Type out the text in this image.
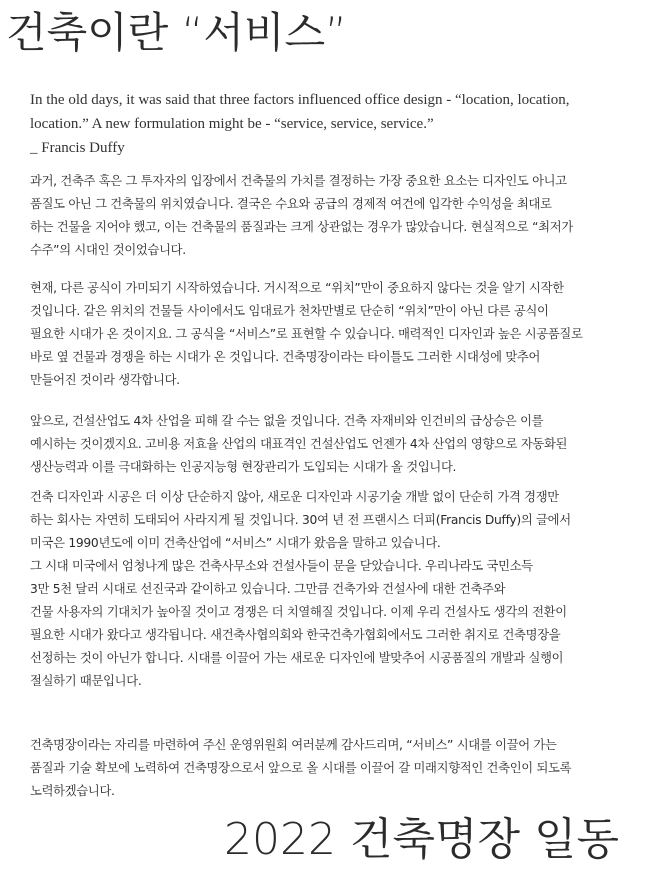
건축이란 “서비스”

In the old days, it was said that three factors influenced office design - “location, location,

location.” A new formulation might be - “service, service, service.”

_ Francis Duffy

과거, 건축주 혹은 그 투자자의 입장에서 건축물의 가치를 결정하는 가장 중요한 요소는 디자인도 아니고

품질도 아닌 그 건축물의 위치였습니다. 결국은 수요와 공급의 경제적 여건에 입각한 수익성을 최대로

하는 건물을 지어야 했고, 이는 건축물의 품질과는 크게 상관없는 경우가 많았습니다. 현실적으로 “최저가

수주”의 시대인 것이었습니다.

현재, 다른 공식이 가미되기 시작하였습니다. 거시적으로 “위치”만이 중요하지 않다는 것을 알기 시작한

것입니다. 같은 위치의 건물들 사이에서도 임대료가 천차만별로 단순히 “위치”만이 아닌 다른 공식이

필요한 시대가 온 것이지요. 그 공식을 “서비스”로 표현할 수 있습니다. 매력적인 디자인과 높은 시공품질로

바로 옆 건물과 경쟁을 하는 시대가 온 것입니다. 건축명장이라는 타이틀도 그러한 시대성에 맞추어

만들어진 것이라 생각합니다.

앞으로, 건설산업도 4차 산업을 피해 갈 수는 없을 것입니다. 건축 자재비와 인건비의 급상승은 이를

예시하는 것이겠지요. 고비용 저효율 산업의 대표격인 건설산업도 언젠가 4차 산업의 영향으로 자동화된

생산능력과 이를 극대화하는 인공지능형 현장관리가 도입되는 시대가 올 것입니다.

건축 디자인과 시공은 더 이상 단순하지 않아, 새로운 디자인과 시공기술 개발 없이 단순히 가격 경쟁만

하는 회사는 자연히 도태되어 사라지게 될 것입니다. 30여 년 전 프랜시스 더피(Francis Duffy)의 글에서

미국은 1990년도에 이미 건축산업에 “서비스” 시대가 왔음을 말하고 있습니다.

그 시대 미국에서 엄청나게 많은 건축사무소와 건설사들이 문을 닫았습니다. 우리나라도 국민소득

3만 5천 달러 시대로 선진국과 같이하고 있습니다. 그만큼 건축가와 건설사에 대한 건축주와

건물 사용자의 기대치가 높아질 것이고 경쟁은 더 치열해질 것입니다. 이제 우리 건설사도 생각의 전환이

필요한 시대가 왔다고 생각됩니다. 새건축사협의회와 한국건축가협회에서도 그러한 취지로 건축명장을

선정하는 것이 아닌가 합니다. 시대를 이끌어 가는 새로운 디자인에 발맞추어 시공품질의 개발과 실행이

절실하기 때문입니다.

건축명장이라는 자리를 마련하여 주신 운영위원회 여러분께 감사드리며, “서비스” 시대를 이끌어 가는

품질과 기술 확보에 노력하여 건축명장으로서 앞으로 올 시대를 이끌어 갈 미래지향적인 건축인이 되도록

노력하겠습니다.

2022 건축명장 일동
